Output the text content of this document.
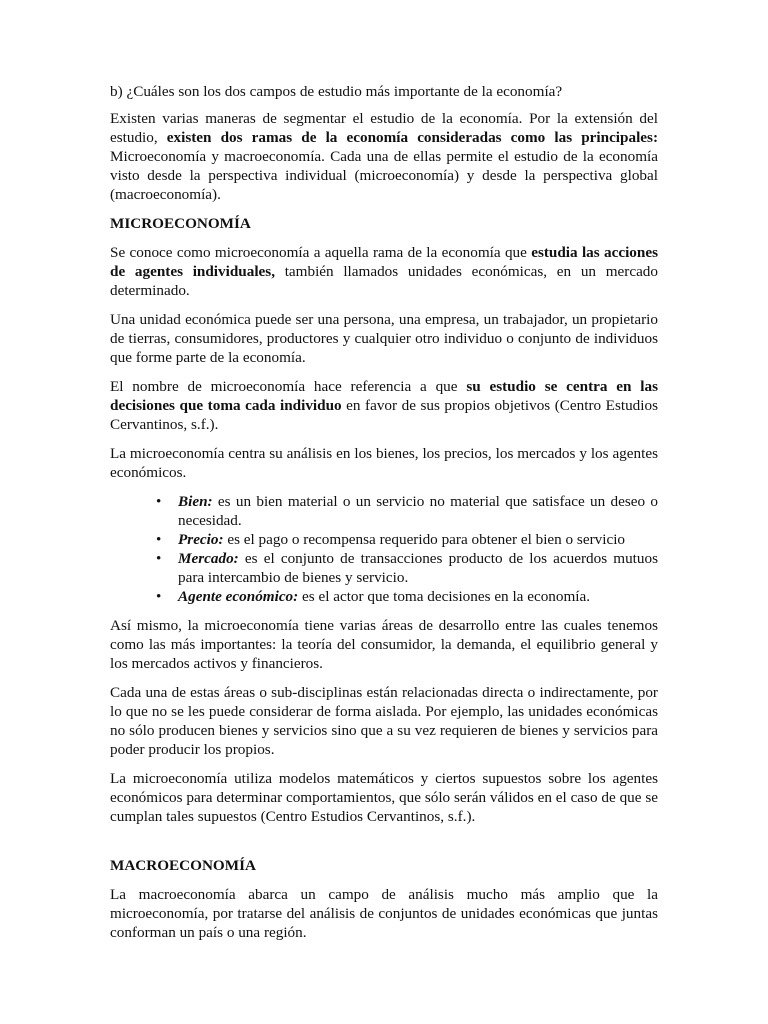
b) ¿Cuáles son los dos campos de estudio más importante de la economía?

Existen varias maneras de segmentar el estudio de la economía. Por la extensión del estudio, existen dos ramas de la economía consideradas como las principales: Microeconomía y macroeconomía. Cada una de ellas permite el estudio de la economía visto desde la perspectiva individual (microeconomía) y desde la perspectiva global (macroeconomía).

MICROECONOMÍA

Se conoce como microeconomía a aquella rama de la economía que estudia las acciones de agentes individuales, también llamados unidades económicas, en un mercado determinado.

Una unidad económica puede ser una persona, una empresa, un trabajador, un propietario de tierras, consumidores, productores y cualquier otro individuo o conjunto de individuos que forme parte de la economía.

El nombre de microeconomía hace referencia a que su estudio se centra en las decisiones que toma cada individuo en favor de sus propios objetivos (Centro Estudios Cervantinos, s.f.).

La microeconomía centra su análisis en los bienes, los precios, los mercados y los agentes económicos.

• Bien: es un bien material o un servicio no material que satisface un deseo o necesidad.
• Precio: es el pago o recompensa requerido para obtener el bien o servicio
• Mercado: es el conjunto de transacciones producto de los acuerdos mutuos para intercambio de bienes y servicio.
• Agente económico: es el actor que toma decisiones en la economía.

Así mismo, la microeconomía tiene varias áreas de desarrollo entre las cuales tenemos como las más importantes: la teoría del consumidor, la demanda, el equilibrio general y los mercados activos y financieros.

Cada una de estas áreas o sub-disciplinas están relacionadas directa o indirectamente, por lo que no se les puede considerar de forma aislada. Por ejemplo, las unidades económicas no sólo producen bienes y servicios sino que a su vez requieren de bienes y servicios para poder producir los propios.

La microeconomía utiliza modelos matemáticos y ciertos supuestos sobre los agentes económicos para determinar comportamientos, que sólo serán válidos en el caso de que se cumplan tales supuestos (Centro Estudios Cervantinos, s.f.).

MACROECONOMÍA

La macroeconomía abarca un campo de análisis mucho más amplio que la microeconomía, por tratarse del análisis de conjuntos de unidades económicas que juntas conforman un país o una región.
